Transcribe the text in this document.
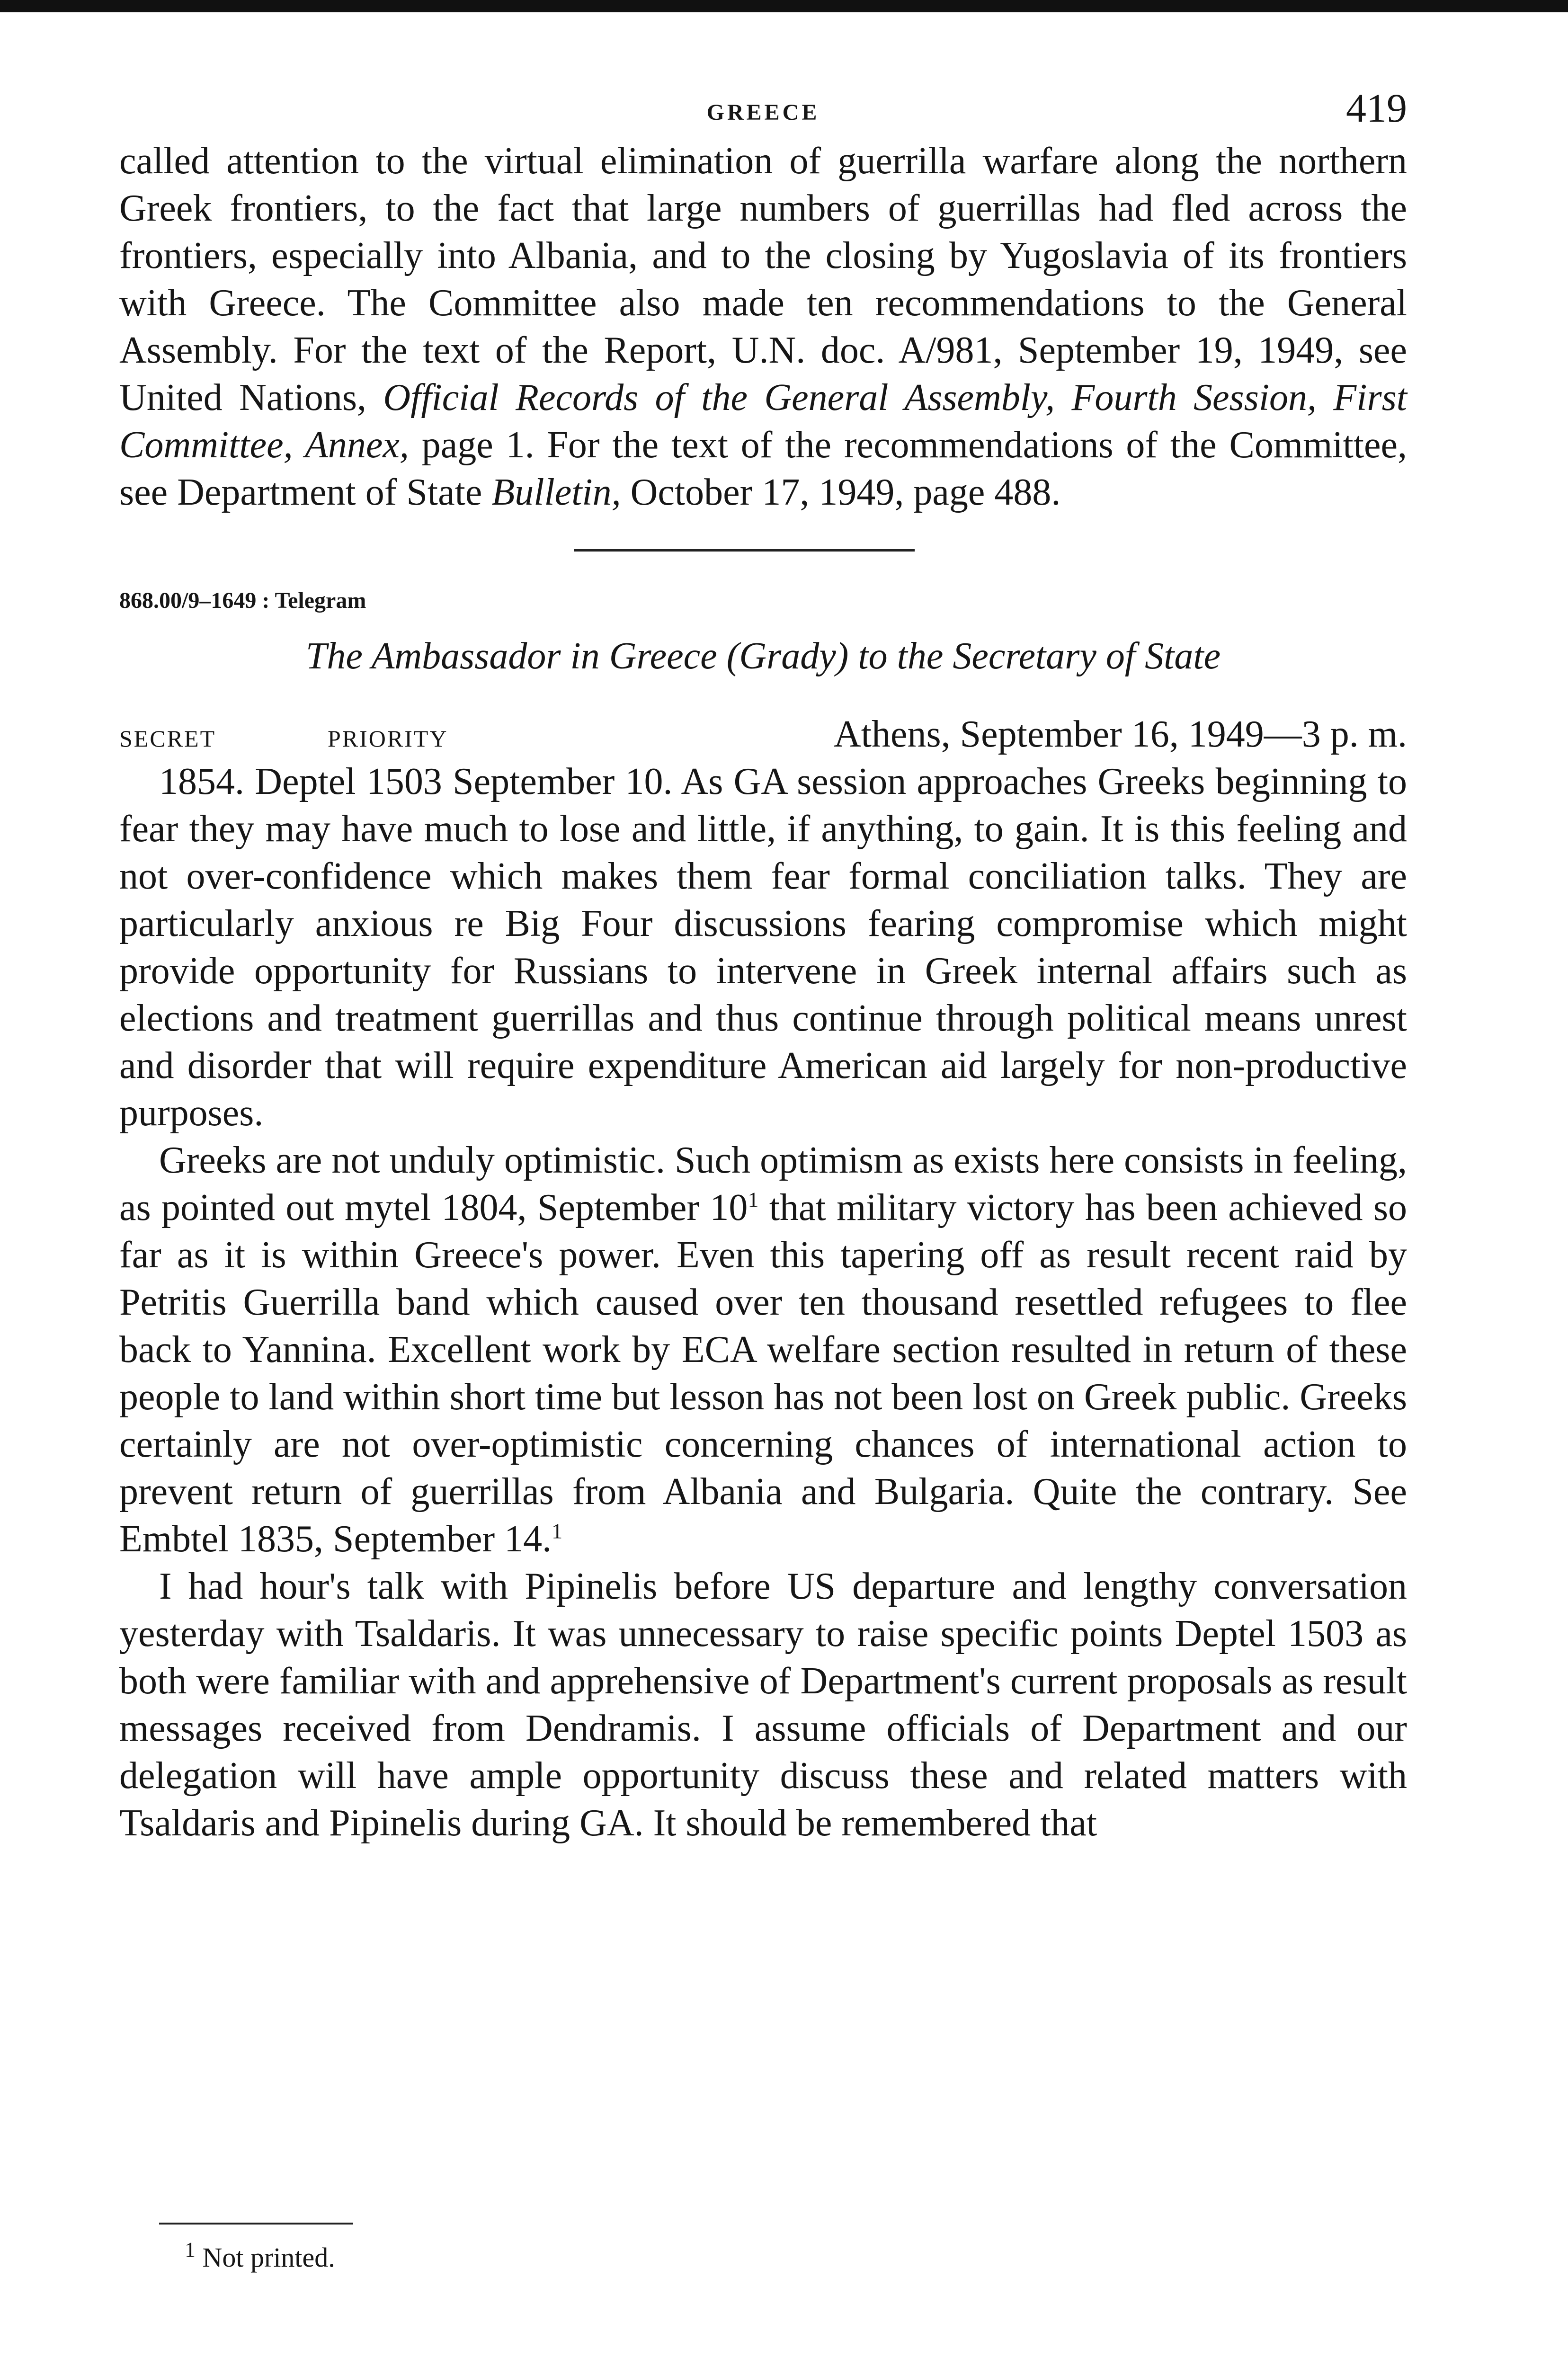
GREECE	419

called attention to the virtual elimination of guerrilla warfare along the northern Greek frontiers, to the fact that large numbers of guerrillas had fled across the frontiers, especially into Albania, and to the closing by Yugoslavia of its frontiers with Greece. The Committee also made ten recommendations to the General Assembly. For the text of the Report, U.N. doc. A/981, September 19, 1949, see United Nations, Official Records of the General Assembly, Fourth Session, First Committee, Annex, page 1. For the text of the recommendations of the Committee, see Department of State Bulletin, October 17, 1949, page 488.

868.00/9–1649 : Telegram
The Ambassador in Greece (Grady) to the Secretary of State
SECRET	PRIORITY	Athens, September 16, 1949—3 p. m.

1854. Deptel 1503 September 10. As GA session approaches Greeks beginning to fear they may have much to lose and little, if anything, to gain. It is this feeling and not over-confidence which makes them fear formal conciliation talks. They are particularly anxious re Big Four discussions fearing compromise which might provide opportunity for Russians to intervene in Greek internal affairs such as elections and treatment guerrillas and thus continue through political means unrest and disorder that will require expenditure American aid largely for non-productive purposes.

Greeks are not unduly optimistic. Such optimism as exists here consists in feeling, as pointed out mytel 1804, September $10^1$ that military victory has been achieved so far as it is within Greece's power. Even this tapering off as result recent raid by Petritis Guerrilla band which caused over ten thousand resettled refugees to flee back to Yannina. Excellent work by ECA welfare section resulted in return of these people to land within short time but lesson has not been lost on Greek public. Greeks certainly are not over-optimistic concerning chances of international action to prevent return of guerrillas from Albania and Bulgaria. Quite the contrary. See Embtel 1835, September 14.$^1$

I had hour's talk with Pipinelis before US departure and lengthy conversation yesterday with Tsaldaris. It was unnecessary to raise specific points Deptel 1503 as both were familiar with and apprehensive of Department's current proposals as result messages received from Dendramis. I assume officials of Department and our delegation will have ample opportunity discuss these and related matters with Tsaldaris and Pipinelis during GA. It should be remembered that

$^1$ Not printed.
